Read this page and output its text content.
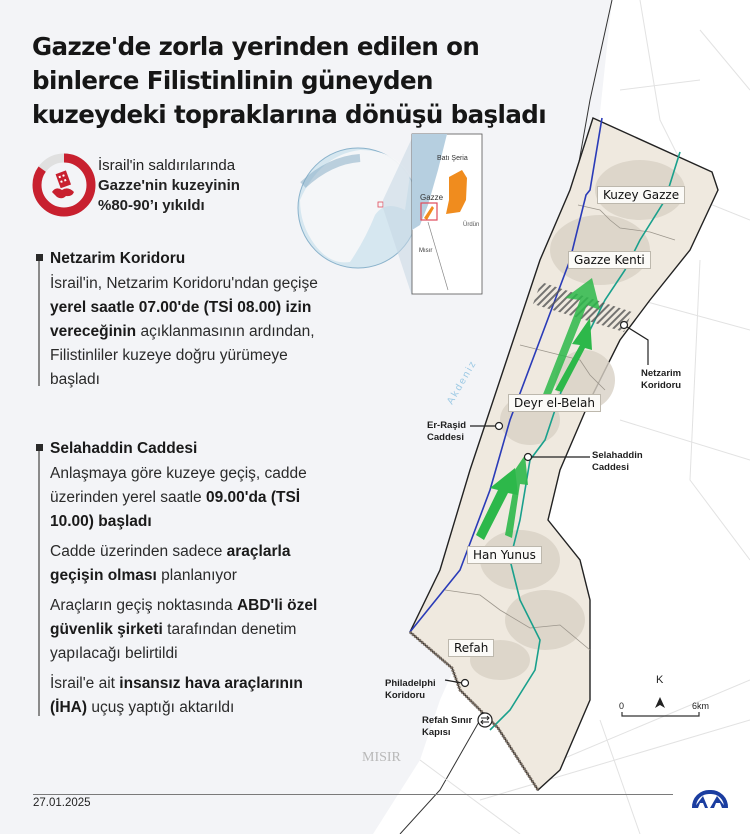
Akdeniz
MISIR
K
0	6km
Batı Şeria
Gazze
Ürdün
Mısır
Gazze'de zorla yerinden edilen on binlerce Filistinlinin güneyden kuzeydeki topraklarına dönüşü başladı
İsrail'in saldırılarında
Gazze'nin kuzeyinin
%80-90’ı yıkıldı
Netzarim Koridoru

İsrail'in, Netzarim Koridoru'ndan geçişe yerel saatle 07.00'de (TSİ 08.00) izin vereceğinin açıklanmasının ardından, Filistinliler kuzeye doğru yürümeye başladı

Selahaddin Caddesi

Anlaşmaya göre kuzeye geçiş, cadde üzerinden yerel saatle 09.00'da (TSİ 10.00) başladı

Cadde üzerinden sadece araçlarla geçişin olması planlanıyor

Araçların geçiş noktasında ABD'li özel güvenlik şirketi tarafından denetim yapılacağı belirtildi

İsrail'e ait insansız hava araçlarının (İHA) uçuş yaptığı aktarıldı

Kuzey Gazze
Gazze Kenti
Deyr el-Belah
Han Yunus
Refah
Netzarim Koridoru
Er-Raşid Caddesi
Selahaddin Caddesi
Philadelphi Koridoru
Refah Sınır Kapısı
27.01.2025
